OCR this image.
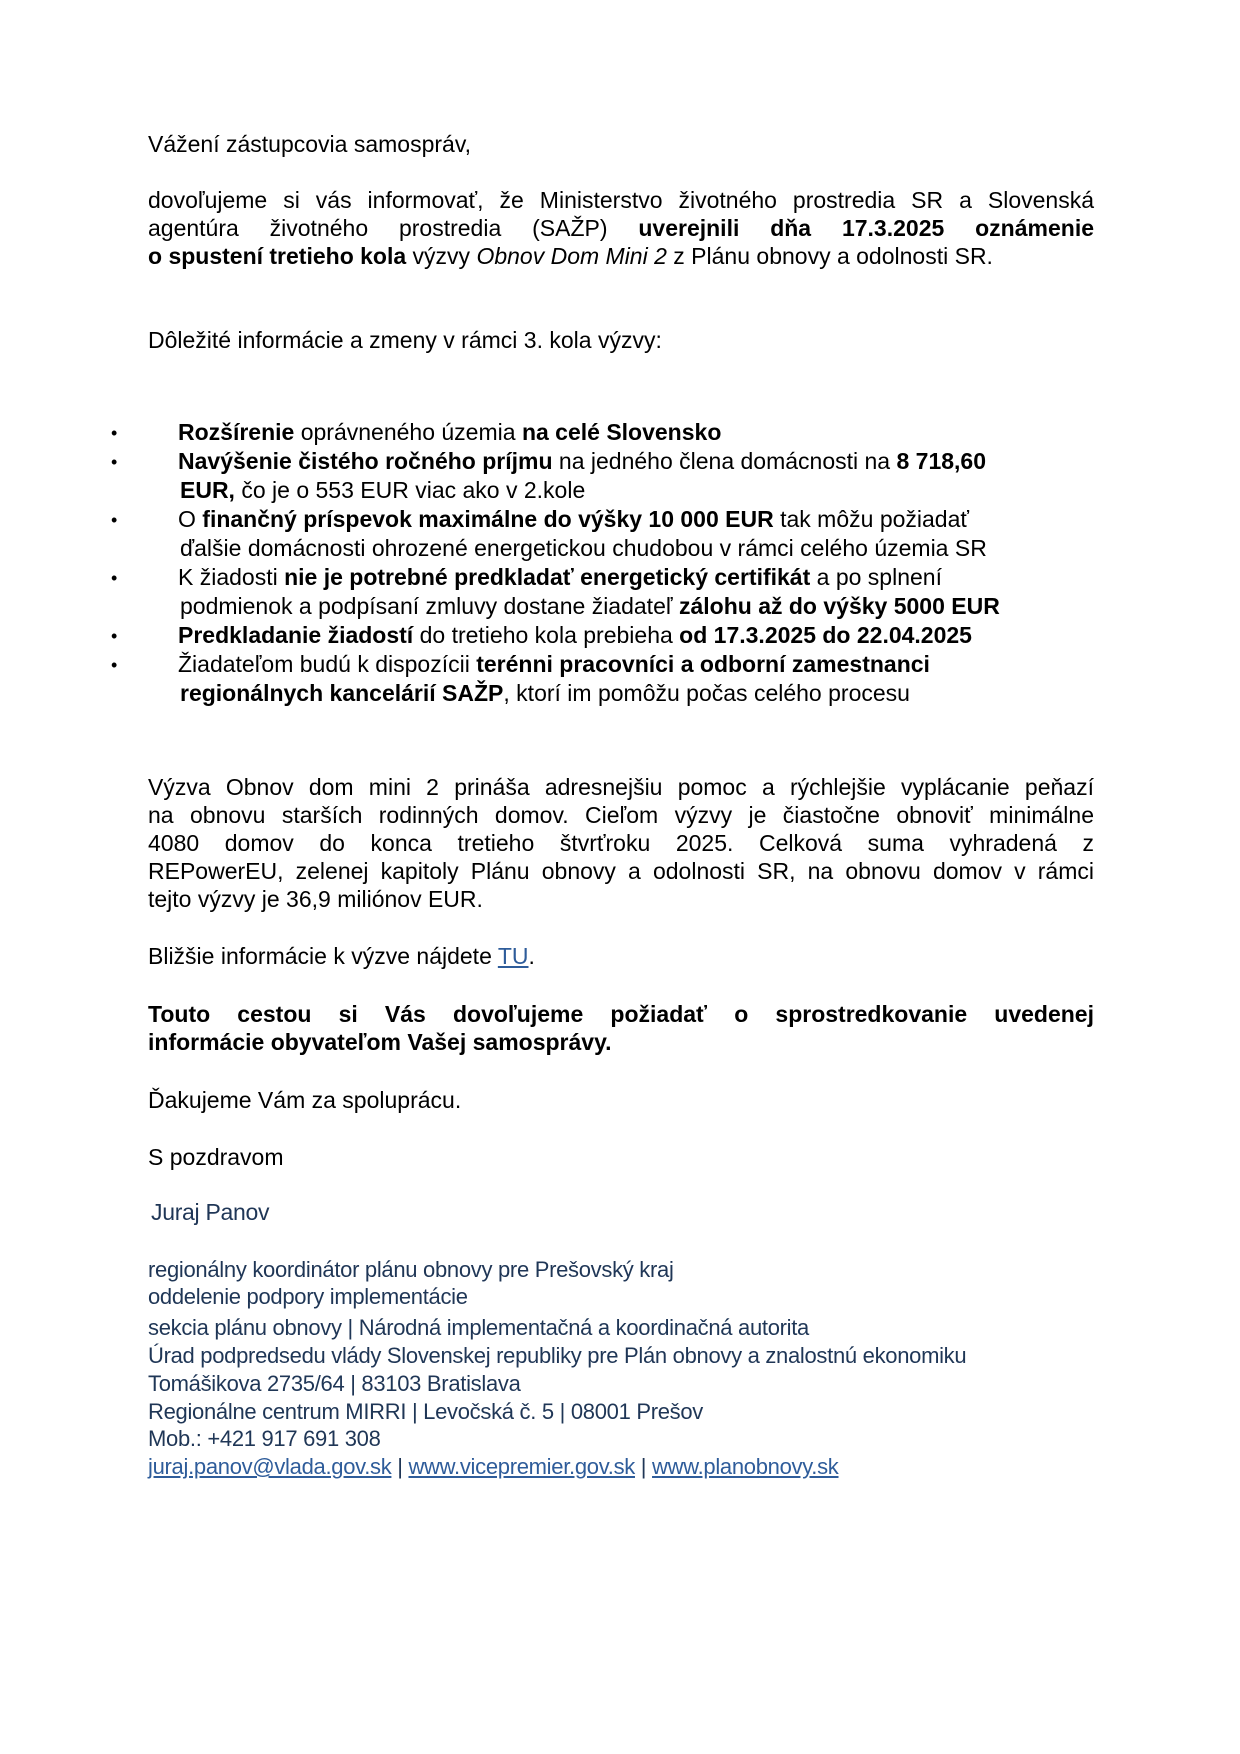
Vážení zástupcovia samospráv,
dovoľujeme si vás informovať, že Ministerstvo životného prostredia SR a Slovenská
agentúra životného prostredia (SAŽP) uverejnili dňa 17.3.2025 oznámenie
o spustení tretieho kola výzvy Obnov Dom Mini 2 z Plánu obnovy a odolnosti SR.
Dôležité informácie a zmeny v rámci 3. kola výzvy:
•	Rozšírenie oprávneného územia na celé Slovensko
•	Navýšenie čistého ročného príjmu na jedného člena domácnosti na 8 718,60
EUR, čo je o 553 EUR viac ako v 2.kole
•	O finančný príspevok maximálne do výšky 10 000 EUR tak môžu požiadať
ďalšie domácnosti ohrozené energetickou chudobou v rámci celého územia SR
•	K žiadosti nie je potrebné predkladať energetický certifikát a po splnení
podmienok a podpísaní zmluvy dostane žiadateľ zálohu až do výšky 5000 EUR
•	Predkladanie žiadostí do tretieho kola prebieha od 17.3.2025 do 22.04.2025
•	Žiadateľom budú k dispozícii terénni pracovníci a odborní zamestnanci
regionálnych kancelárií SAŽP, ktorí im pomôžu počas celého procesu
Výzva Obnov dom mini 2 prináša adresnejšiu pomoc a rýchlejšie vyplácanie peňazí
na obnovu starších rodinných domov. Cieľom výzvy je čiastočne obnoviť minimálne
4080 domov do konca tretieho štvrťroku 2025. Celková suma vyhradená z
REPowerEU, zelenej kapitoly Plánu obnovy a odolnosti SR, na obnovu domov v rámci
tejto výzvy je 36,9 miliónov EUR.
Bližšie informácie k výzve nájdete TU.
Touto cestou si Vás dovoľujeme požiadať o sprostredkovanie uvedenej
informácie obyvateľom Vašej samosprávy.
Ďakujeme Vám za spoluprácu.
S pozdravom
Juraj Panov
regionálny koordinátor plánu obnovy pre Prešovský kraj
oddelenie podpory implementácie
sekcia plánu obnovy | Národná implementačná a koordinačná autorita
Úrad podpredsedu vlády Slovenskej republiky pre Plán obnovy a znalostnú ekonomiku
Tomášikova 2735/64 | 83103 Bratislava
Regionálne centrum MIRRI | Levočská č. 5 | 08001 Prešov
Mob.: +421 917 691 308
juraj.panov@vlada.gov.sk | www.vicepremier.gov.sk | www.planobnovy.sk
